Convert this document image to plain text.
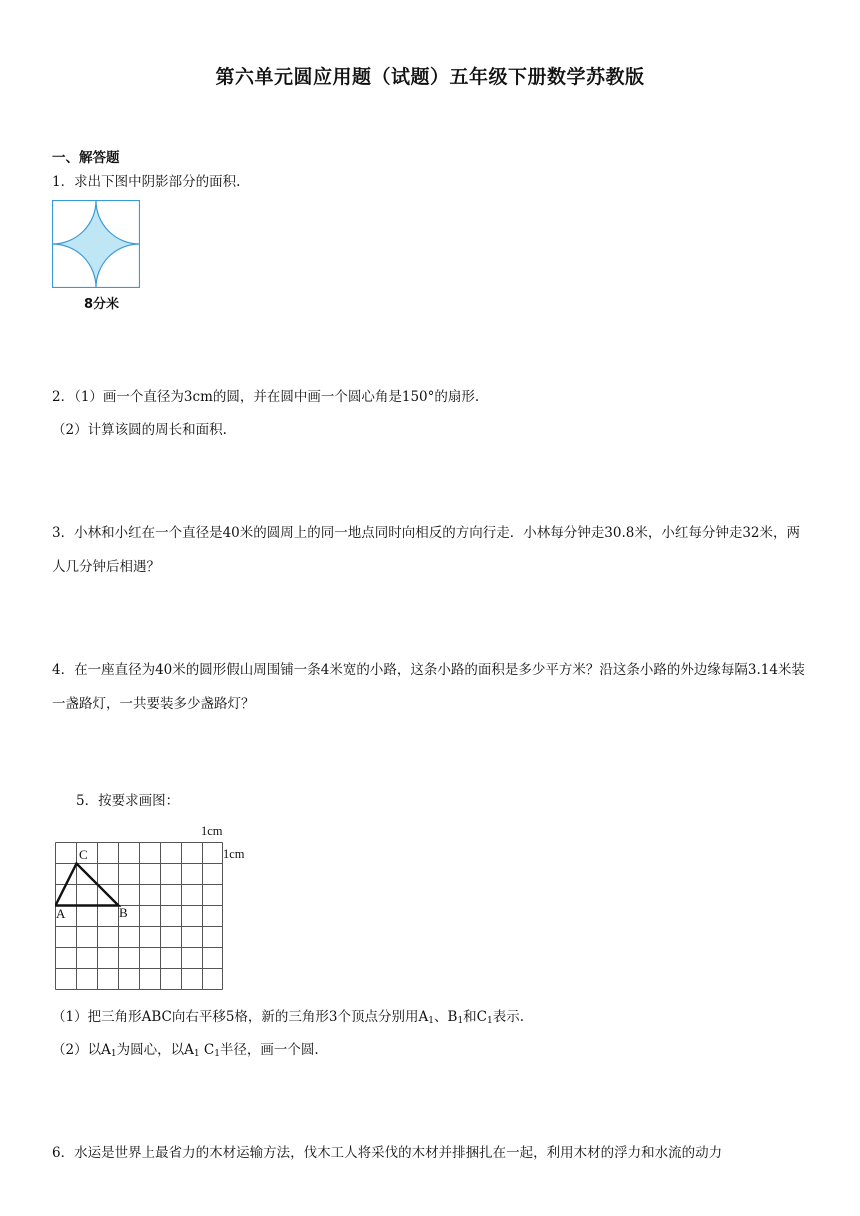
第六单元圆应用题（试题）五年级下册数学苏教版
一、解答题
1．求出下图中阴影部分的面积.
8分米
2．（1）画一个直径为3cm的圆，并在圆中画一个圆心角是150°的扇形.
（2）计算该圆的周长和面积.
3．小林和小红在一个直径是40米的圆周上的同一地点同时向相反的方向行走．小林每分钟走30.8米，小红每分钟走32米，两人几分钟后相遇？
4．在一座直径为40米的圆形假山周围铺一条4米宽的小路，这条小路的面积是多少平方米？沿这条小路的外边缘每隔3.14米装一盏路灯，一共要装多少盏路灯？
5．按要求画图：
1cm
1cm
C
A	B
（1）把三角形ABC向右平移5格，新的三角形3个顶点分别用$A_1$、$B_1$和$C_1$表示.
（2）以$A_1$为圆心，以$A_1$ $C_1$半径，画一个圆.
6．水运是世界上最省力的木材运输方法，伐木工人将采伐的木材并排捆扎在一起，利用木材的浮力和水流的动力
